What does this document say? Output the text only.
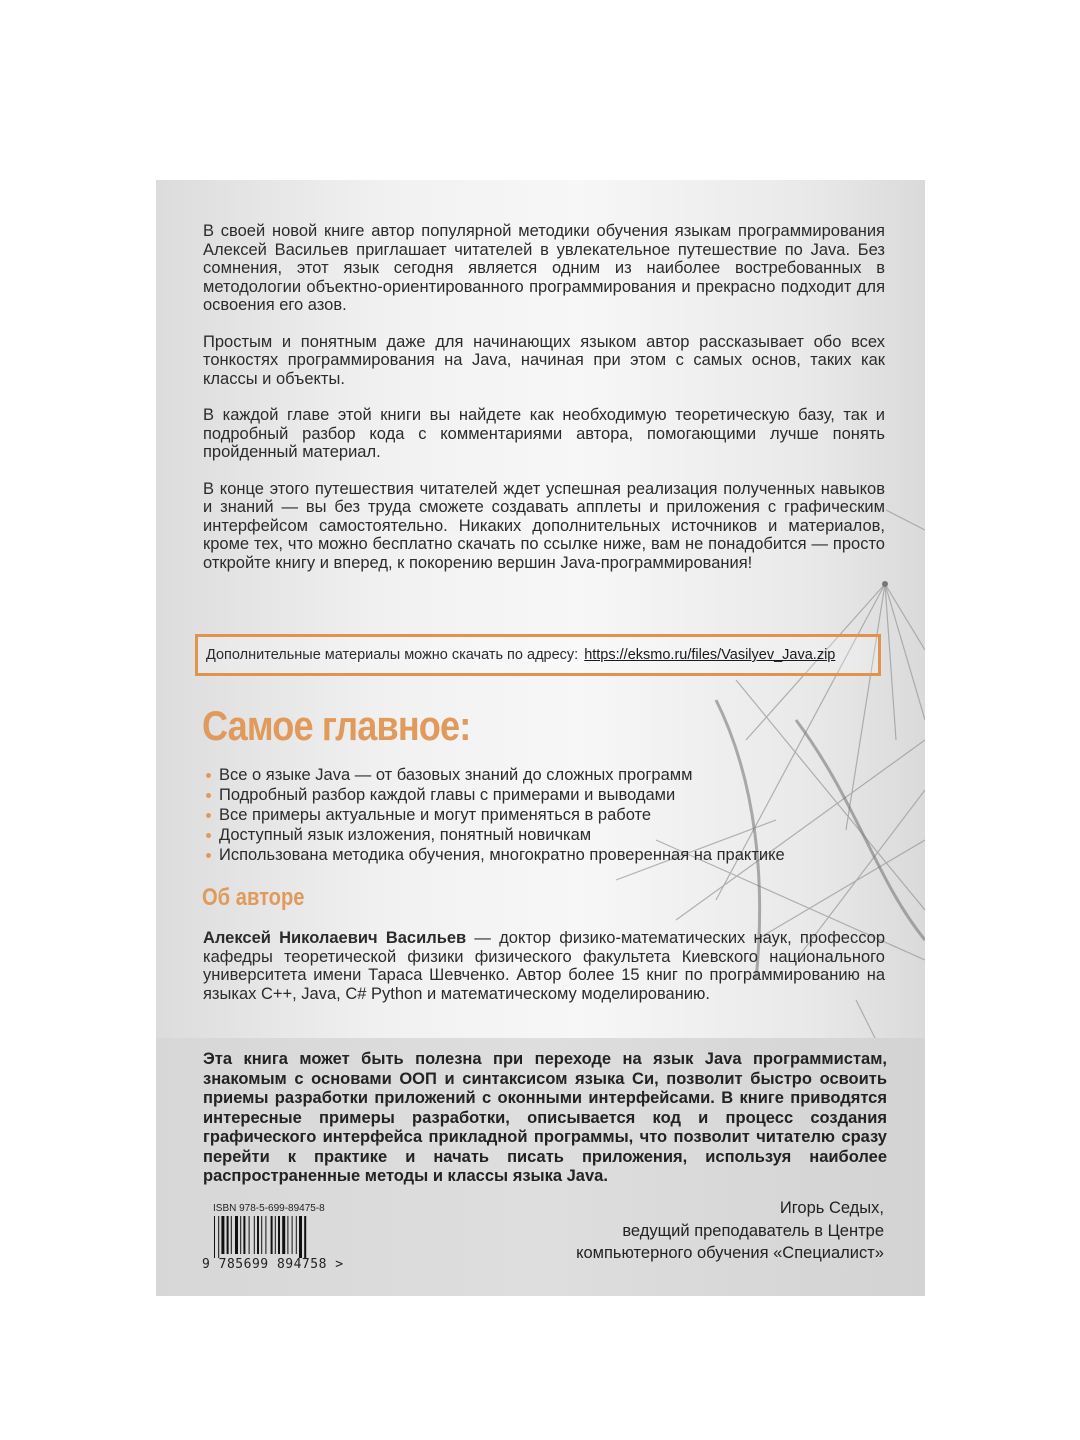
В своей новой книге автор популярной методики обучения языкам программирования Алексей Васильев приглашает читателей в увлекательное путешествие по Java. Без сомнения, этот язык сегодня является одним из наиболее востребованных в методологии объектно-ориентированного программирования и прекрасно подходит для освоения его азов.

Простым и понятным даже для начинающих языком автор рассказывает обо всех тонкостях программирования на Java, начиная при этом с самых основ, таких как классы и объекты.

В каждой главе этой книги вы найдете как необходимую теоретическую базу, так и подробный разбор кода с комментариями автора, помогающими лучше понять пройденный материал.

В конце этого путешествия читателей ждет успешная реализация полученных навыков и знаний — вы без труда сможете создавать апплеты и приложения с графическим интерфейсом самостоятельно. Никаких дополнительных источников и материалов, кроме тех, что можно бесплатно скачать по ссылке ниже, вам не понадобится — просто откройте книгу и вперед, к покорению вершин Java-программирования!

Дополнительные материалы можно скачать по адресу: https://eksmo.ru/files/Vasilyev_Java.zip
Самое главное:
Все о языке Java — от базовых знаний до сложных программ
Подробный разбор каждой главы с примерами и выводами
Все примеры актуальные и могут применяться в работе
Доступный язык изложения, понятный новичкам
Использована методика обучения, многократно проверенная на практике
Об авторе
Алексей Николаевич Васильев — доктор физико-математических наук, профессор кафедры теоретической физики физического факультета Киевского национального университета имени Тараса Шевченко. Автор более 15 книг по программированию на языках C++, Java, C# Python и математическому моделированию.
Эта книга может быть полезна при переходе на язык Java программистам, знакомым с основами ООП и синтаксисом языка Си, позволит быстро освоить приемы разработки приложений с оконными интерфейсами. В книге приводятся интересные примеры разработки, описывается код и процесс создания графического интерфейса прикладной программы, что позволит читателю сразу перейти к практике и начать писать приложения, используя наиболее распространенные методы и классы языка Java.
ISBN 978-5-699-89475-8
9 785699 894758 >
Игорь Седых,
ведущий преподаватель в Центре
компьютерного обучения «Специалист»
